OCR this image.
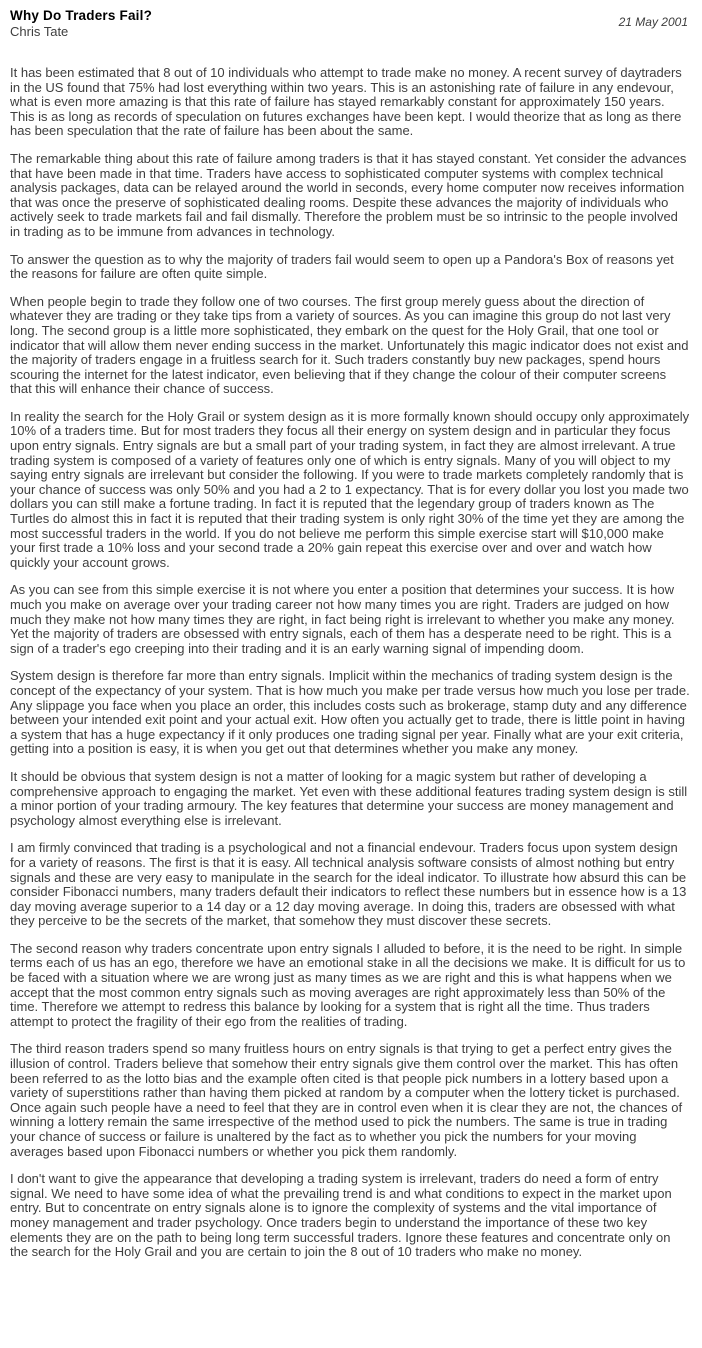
Why Do Traders Fail?
Chris Tate
21 May 2001

It has been estimated that 8 out of 10 individuals who attempt to trade make no money. A recent survey of daytraders in the US found that 75% had lost everything within two years. This is an astonishing rate of failure in any endevour, what is even more amazing is that this rate of failure has stayed remarkably constant for approximately 150 years. This is as long as records of speculation on futures exchanges have been kept. I would theorize that as long as there has been speculation that the rate of failure has been about the same.

The remarkable thing about this rate of failure among traders is that it has stayed constant. Yet consider the advances that have been made in that time. Traders have access to sophisticated computer systems with complex technical analysis packages, data can be relayed around the world in seconds, every home computer now receives information that was once the preserve of sophisticated dealing rooms. Despite these advances the majority of individuals who actively seek to trade markets fail and fail dismally. Therefore the problem must be so intrinsic to the people involved in trading as to be immune from advances in technology.

To answer the question as to why the majority of traders fail would seem to open up a Pandora's Box of reasons yet the reasons for failure are often quite simple.

When people begin to trade they follow one of two courses. The first group merely guess about the direction of whatever they are trading or they take tips from a variety of sources. As you can imagine this group do not last very long. The second group is a little more sophisticated, they embark on the quest for the Holy Grail, that one tool or indicator that will allow them never ending success in the market. Unfortunately this magic indicator does not exist and the majority of traders engage in a fruitless search for it. Such traders constantly buy new packages, spend hours scouring the internet for the latest indicator, even believing that if they change the colour of their computer screens that this will enhance their chance of success.

In reality the search for the Holy Grail or system design as it is more formally known should occupy only approximately 10% of a traders time. But for most traders they focus all their energy on system design and in particular they focus upon entry signals. Entry signals are but a small part of your trading system, in fact they are almost irrelevant. A true trading system is composed of a variety of features only one of which is entry signals. Many of you will object to my saying entry signals are irrelevant but consider the following. If you were to trade markets completely randomly that is your chance of success was only 50% and you had a 2 to 1 expectancy. That is for every dollar you lost you made two dollars you can still make a fortune trading. In fact it is reputed that the legendary group of traders known as The Turtles do almost this in fact it is reputed that their trading system is only right 30% of the time yet they are among the most successful traders in the world. If you do not believe me perform this simple exercise start will $10,000 make your first trade a 10% loss and your second trade a 20% gain repeat this exercise over and over and watch how quickly your account grows.

As you can see from this simple exercise it is not where you enter a position that determines your success. It is how much you make on average over your trading career not how many times you are right. Traders are judged on how much they make not how many times they are right, in fact being right is irrelevant to whether you make any money. Yet the majority of traders are obsessed with entry signals, each of them has a desperate need to be right. This is a sign of a trader's ego creeping into their trading and it is an early warning signal of impending doom.

System design is therefore far more than entry signals. Implicit within the mechanics of trading system design is the concept of the expectancy of your system. That is how much you make per trade versus how much you lose per trade. Any slippage you face when you place an order, this includes costs such as brokerage, stamp duty and any difference between your intended exit point and your actual exit. How often you actually get to trade, there is little point in having a system that has a huge expectancy if it only produces one trading signal per year. Finally what are your exit criteria, getting into a position is easy, it is when you get out that determines whether you make any money.

It should be obvious that system design is not a matter of looking for a magic system but rather of developing a comprehensive approach to engaging the market. Yet even with these additional features trading system design is still a minor portion of your trading armoury. The key features that determine your success are money management and psychology almost everything else is irrelevant.

I am firmly convinced that trading is a psychological and not a financial endevour. Traders focus upon system design for a variety of reasons. The first is that it is easy. All technical analysis software consists of almost nothing but entry signals and these are very easy to manipulate in the search for the ideal indicator. To illustrate how absurd this can be consider Fibonacci numbers, many traders default their indicators to reflect these numbers but in essence how is a 13 day moving average superior to a 14 day or a 12 day moving average. In doing this, traders are obsessed with what they perceive to be the secrets of the market, that somehow they must discover these secrets.

The second reason why traders concentrate upon entry signals I alluded to before, it is the need to be right. In simple terms each of us has an ego, therefore we have an emotional stake in all the decisions we make. It is difficult for us to be faced with a situation where we are wrong just as many times as we are right and this is what happens when we accept that the most common entry signals such as moving averages are right approximately less than 50% of the time. Therefore we attempt to redress this balance by looking for a system that is right all the time. Thus traders attempt to protect the fragility of their ego from the realities of trading.

The third reason traders spend so many fruitless hours on entry signals is that trying to get a perfect entry gives the illusion of control. Traders believe that somehow their entry signals give them control over the market. This has often been referred to as the lotto bias and the example often cited is that people pick numbers in a lottery based upon a variety of superstitions rather than having them picked at random by a computer when the lottery ticket is purchased. Once again such people have a need to feel that they are in control even when it is clear they are not, the chances of winning a lottery remain the same irrespective of the method used to pick the numbers. The same is true in trading your chance of success or failure is unaltered by the fact as to whether you pick the numbers for your moving averages based upon Fibonacci numbers or whether you pick them randomly.

I don't want to give the appearance that developing a trading system is irrelevant, traders do need a form of entry signal. We need to have some idea of what the prevailing trend is and what conditions to expect in the market upon entry. But to concentrate on entry signals alone is to ignore the complexity of systems and the vital importance of money management and trader psychology. Once traders begin to understand the importance of these two key elements they are on the path to being long term successful traders. Ignore these features and concentrate only on the search for the Holy Grail and you are certain to join the 8 out of 10 traders who make no money.
